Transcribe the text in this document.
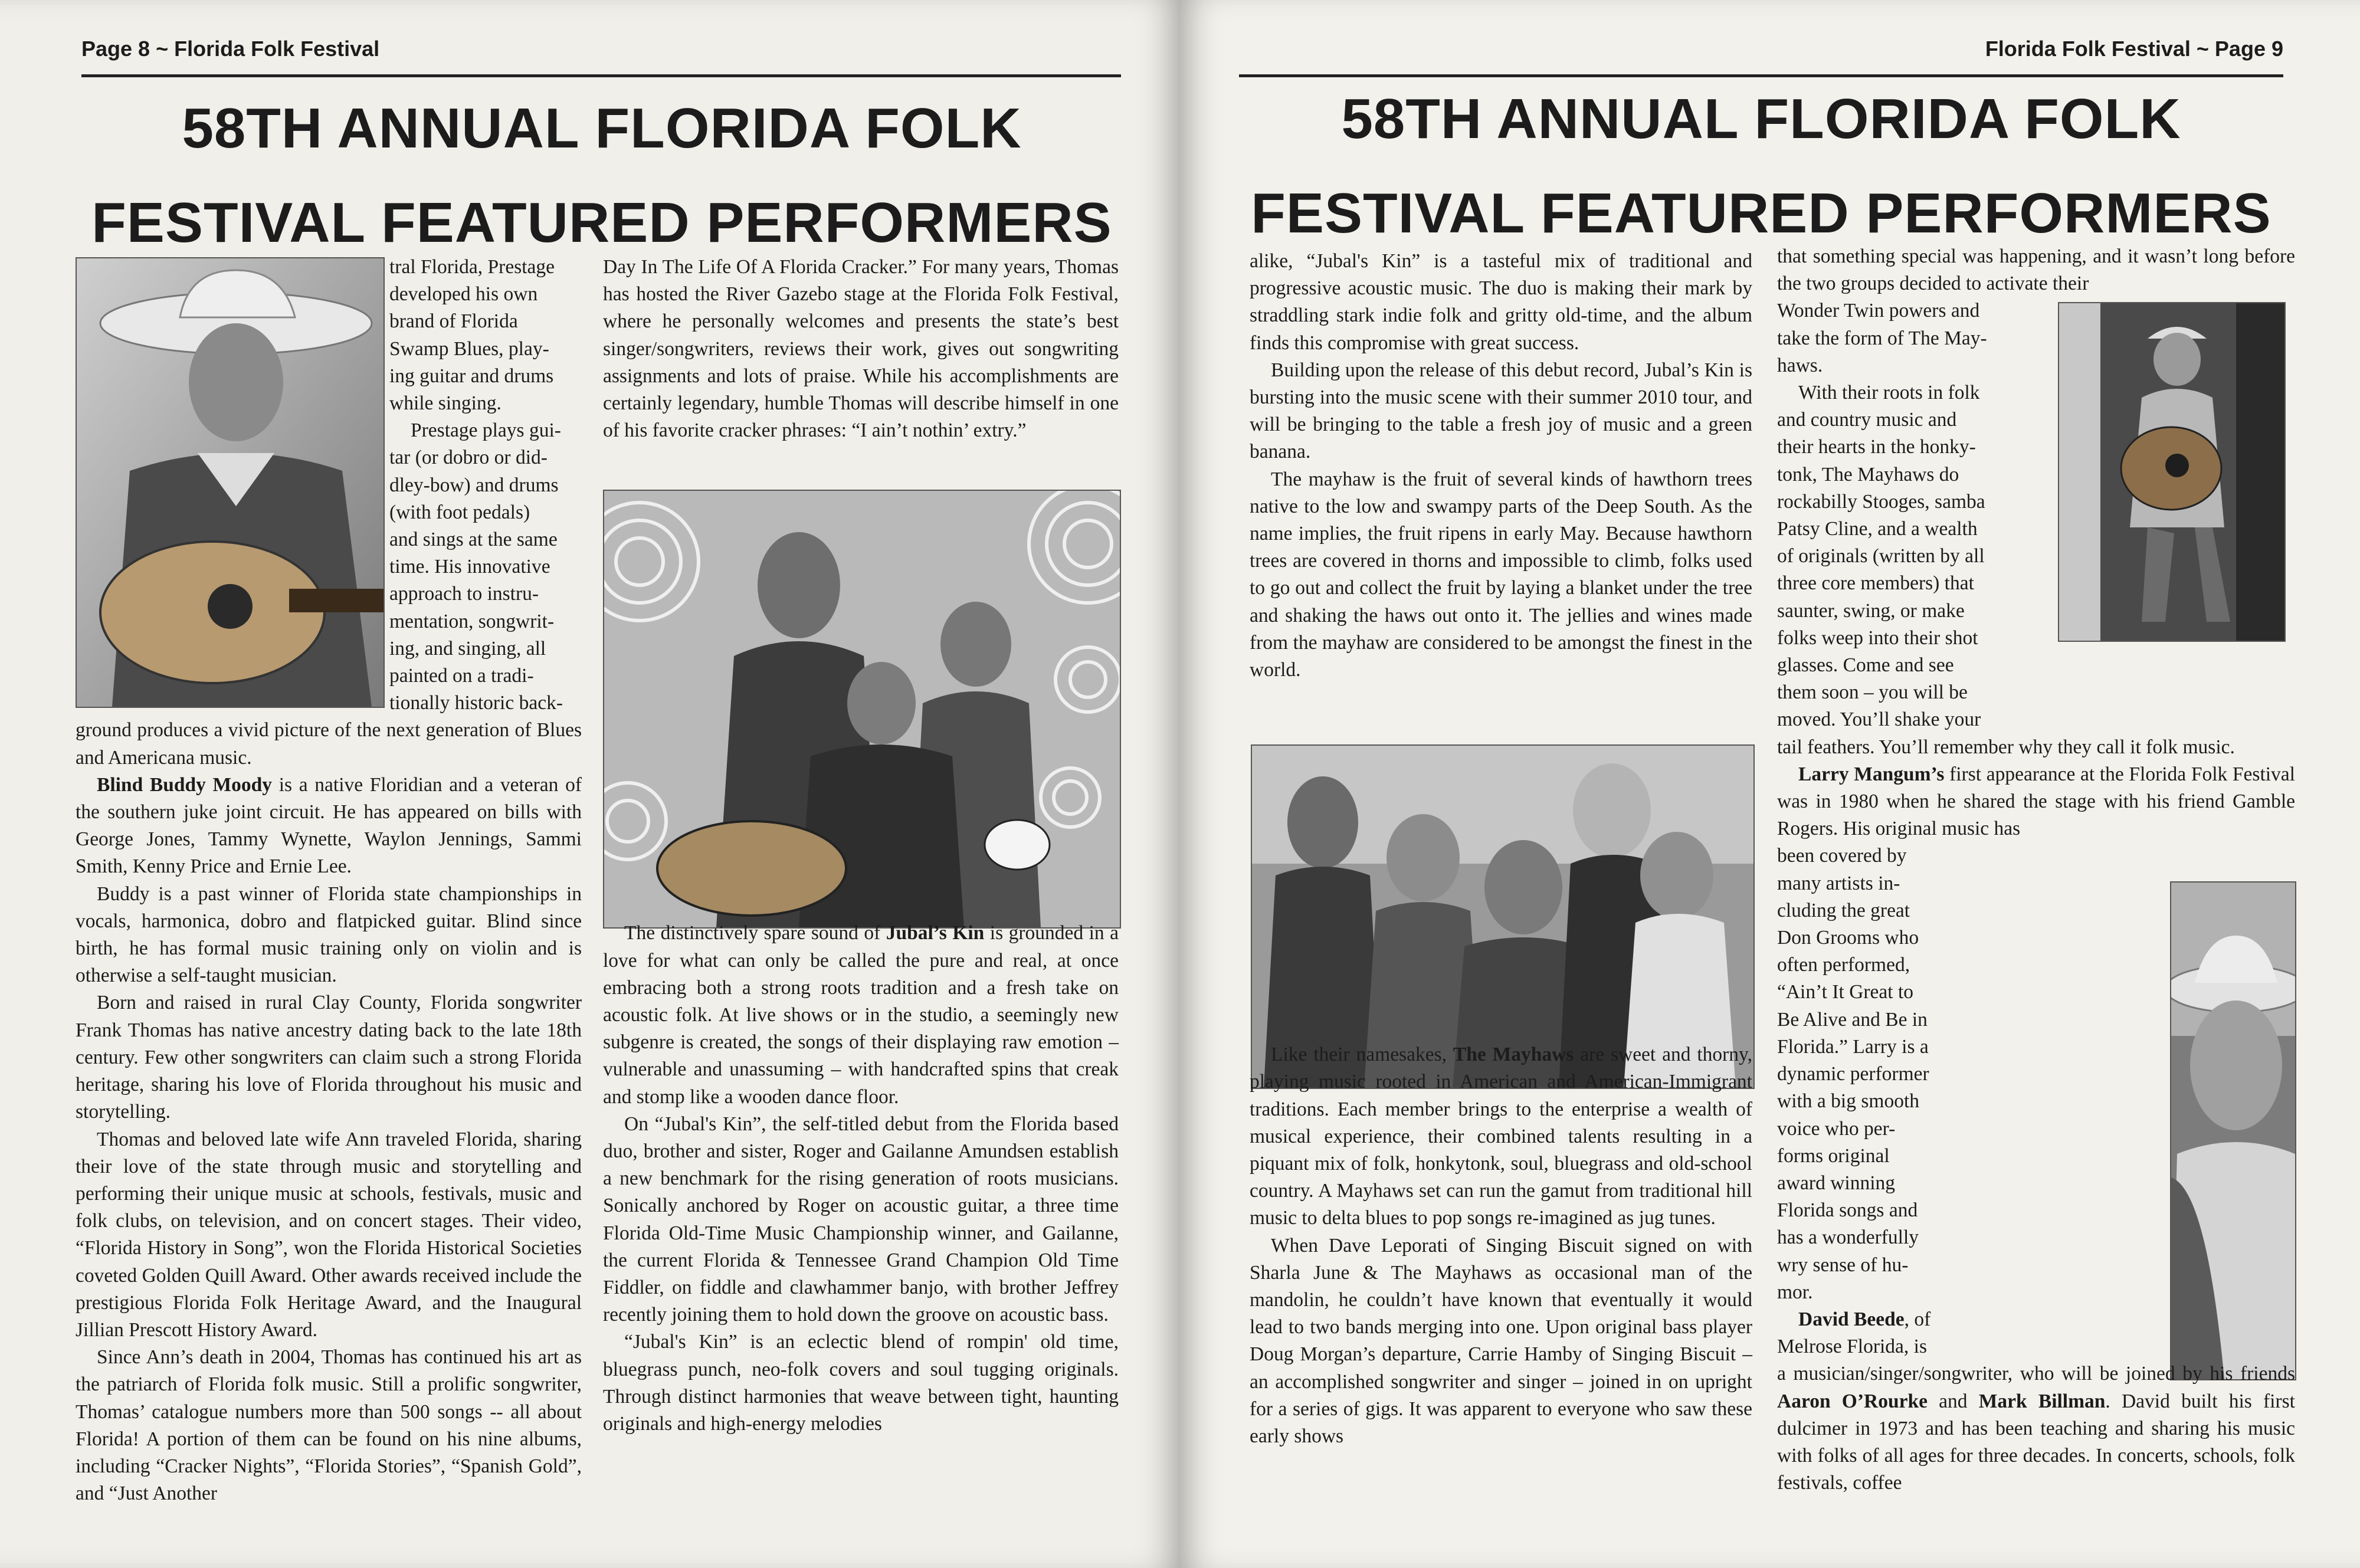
Page 8 ~ Florida Folk Festival
58TH ANNUAL FLORIDA FOLK
FESTIVAL FEATURED PERFORMERS
tral Florida, Prestage
developed his own
brand of Florida
Swamp Blues, play-
ing guitar and drums
while singing.
Prestage plays gui-
tar (or dobro or did-
dley-bow) and drums
(with foot pedals)
and sings at the same
time. His innovative
approach to instru-
mentation, songwrit-
ing, and singing, all
painted on a tradi-
tionally historic back-

ground produces a vivid picture of the next generation of Blues and Americana music.

Blind Buddy Moody is a native Floridian and a veteran of the southern juke joint circuit. He has appeared on bills with George Jones, Tammy Wynette, Waylon Jennings, Sammi Smith, Kenny Price and Ernie Lee.

Buddy is a past winner of Florida state championships in vocals, harmonica, dobro and flatpicked guitar. Blind since birth, he has formal music training only on violin and is otherwise a self-taught musician.

Born and raised in rural Clay County, Florida songwriter Frank Thomas has native ancestry dating back to the late 18th century. Few other songwriters can claim such a strong Florida heritage, sharing his love of Florida throughout his music and storytelling.

Thomas and beloved late wife Ann traveled Florida, sharing their love of the state through music and storytelling and performing their unique music at schools, festivals, music and folk clubs, on television, and on concert stages. Their video, “Florida History in Song”, won the Florida Historical Societies coveted Golden Quill Award. Other awards received include the prestigious Florida Folk Heritage Award, and the Inaugural Jillian Prescott History Award.

Since Ann’s death in 2004, Thomas has continued his art as the patriarch of Florida folk music. Still a prolific songwriter, Thomas’ catalogue numbers more than 500 songs -- all about Florida! A portion of them can be found on his nine albums, including “Cracker Nights”, “Florida Stories”, “Spanish Gold”, and “Just Another

Day In The Life Of A Florida Cracker.” For many years, Thomas has hosted the River Gazebo stage at the Florida Folk Festival, where he personally welcomes and presents the state’s best singer/songwriters, reviews their work, gives out songwriting assignments and lots of praise. While his accomplishments are certainly legendary, humble Thomas will describe himself in one of his favorite cracker phrases: “I ain’t nothin’ extry.”

The distinctively spare sound of Jubal’s Kin is grounded in a love for what can only be called the pure and real, at once embracing both a strong roots tradition and a fresh take on acoustic folk. At live shows or in the studio, a seemingly new subgenre is created, the songs of their displaying raw emotion – vulnerable and unassuming – with handcrafted spins that creak and stomp like a wooden dance floor.

On “Jubal's Kin”, the self-titled debut from the Florida based duo, brother and sister, Roger and Gailanne Amundsen establish a new benchmark for the rising generation of roots musicians. Sonically anchored by Roger on acoustic guitar, a three time Florida Old-Time Music Championship winner, and Gailanne, the current Florida & Tennessee Grand Champion Old Time Fiddler, on fiddle and clawhammer banjo, with brother Jeffrey recently joining them to hold down the groove on acoustic bass.

“Jubal's Kin” is an eclectic blend of rompin' old time, bluegrass punch, neo-folk covers and soul tugging originals. Through distinct harmonies that weave between tight, haunting originals and high-energy melodies

Florida Folk Festival ~ Page 9
58TH ANNUAL FLORIDA FOLK
FESTIVAL FEATURED PERFORMERS

alike, “Jubal's Kin” is a tasteful mix of traditional and progressive acoustic music. The duo is making their mark by straddling stark indie folk and gritty old-time, and the album finds this compromise with great success.

Building upon the release of this debut record, Jubal’s Kin is bursting into the music scene with their summer 2010 tour, and will be bringing to the table a fresh joy of music and a green banana.

The mayhaw is the fruit of several kinds of hawthorn trees native to the low and swampy parts of the Deep South. As the name implies, the fruit ripens in early May. Because hawthorn trees are covered in thorns and impossible to climb, folks used to go out and collect the fruit by laying a blanket under the tree and shaking the haws out onto it. The jellies and wines made from the mayhaw are considered to be amongst the finest in the world.

Like their namesakes, The Mayhaws are sweet and thorny, playing music rooted in American and American-Immigrant traditions. Each member brings to the enterprise a wealth of musical experience, their combined talents resulting in a piquant mix of folk, honkytonk, soul, bluegrass and old-school country. A Mayhaws set can run the gamut from traditional hill music to delta blues to pop songs re-imagined as jug tunes.

When Dave Leporati of Singing Biscuit signed on with Sharla June & The Mayhaws as occasional man of the mandolin, he couldn’t have known that eventually it would lead to two bands merging into one. Upon original bass player Doug Morgan’s departure, Carrie Hamby of Singing Biscuit – an accomplished songwriter and singer – joined in on upright for a series of gigs. It was apparent to everyone who saw these early shows

that something special was happening, and it wasn’t long before the two groups decided to activate their
Wonder Twin powers and
take the form of The May-
haws.
With their roots in folk
and country music and
their hearts in the honky-
tonk, The Mayhaws do
rockabilly Stooges, samba
Patsy Cline, and a wealth
of originals (written by all
three core members) that
saunter, swing, or make
folks weep into their shot
glasses. Come and see
them soon – you will be
moved. You’ll shake your

tail feathers. You’ll remember why they call it folk music.

Larry Mangum’s first appearance at the Florida Folk Festival was in 1980 when he shared the stage with his friend Gamble Rogers. His original music has

been covered by
many artists in-
cluding the great
Don Grooms who
often performed,
“Ain’t It Great to
Be Alive and Be in
Florida.” Larry is a
dynamic performer
with a big smooth
voice who per-
forms original
award winning
Florida songs and
has a wonderfully
wry sense of hu-
mor.
David Beede, of
Melrose Florida, is

a musician/singer/songwriter, who will be joined by his friends Aaron O’Rourke and Mark Billman. David built his first dulcimer in 1973 and has been teaching and sharing his music with folks of all ages for three decades. In concerts, schools, folk festivals, coffee
